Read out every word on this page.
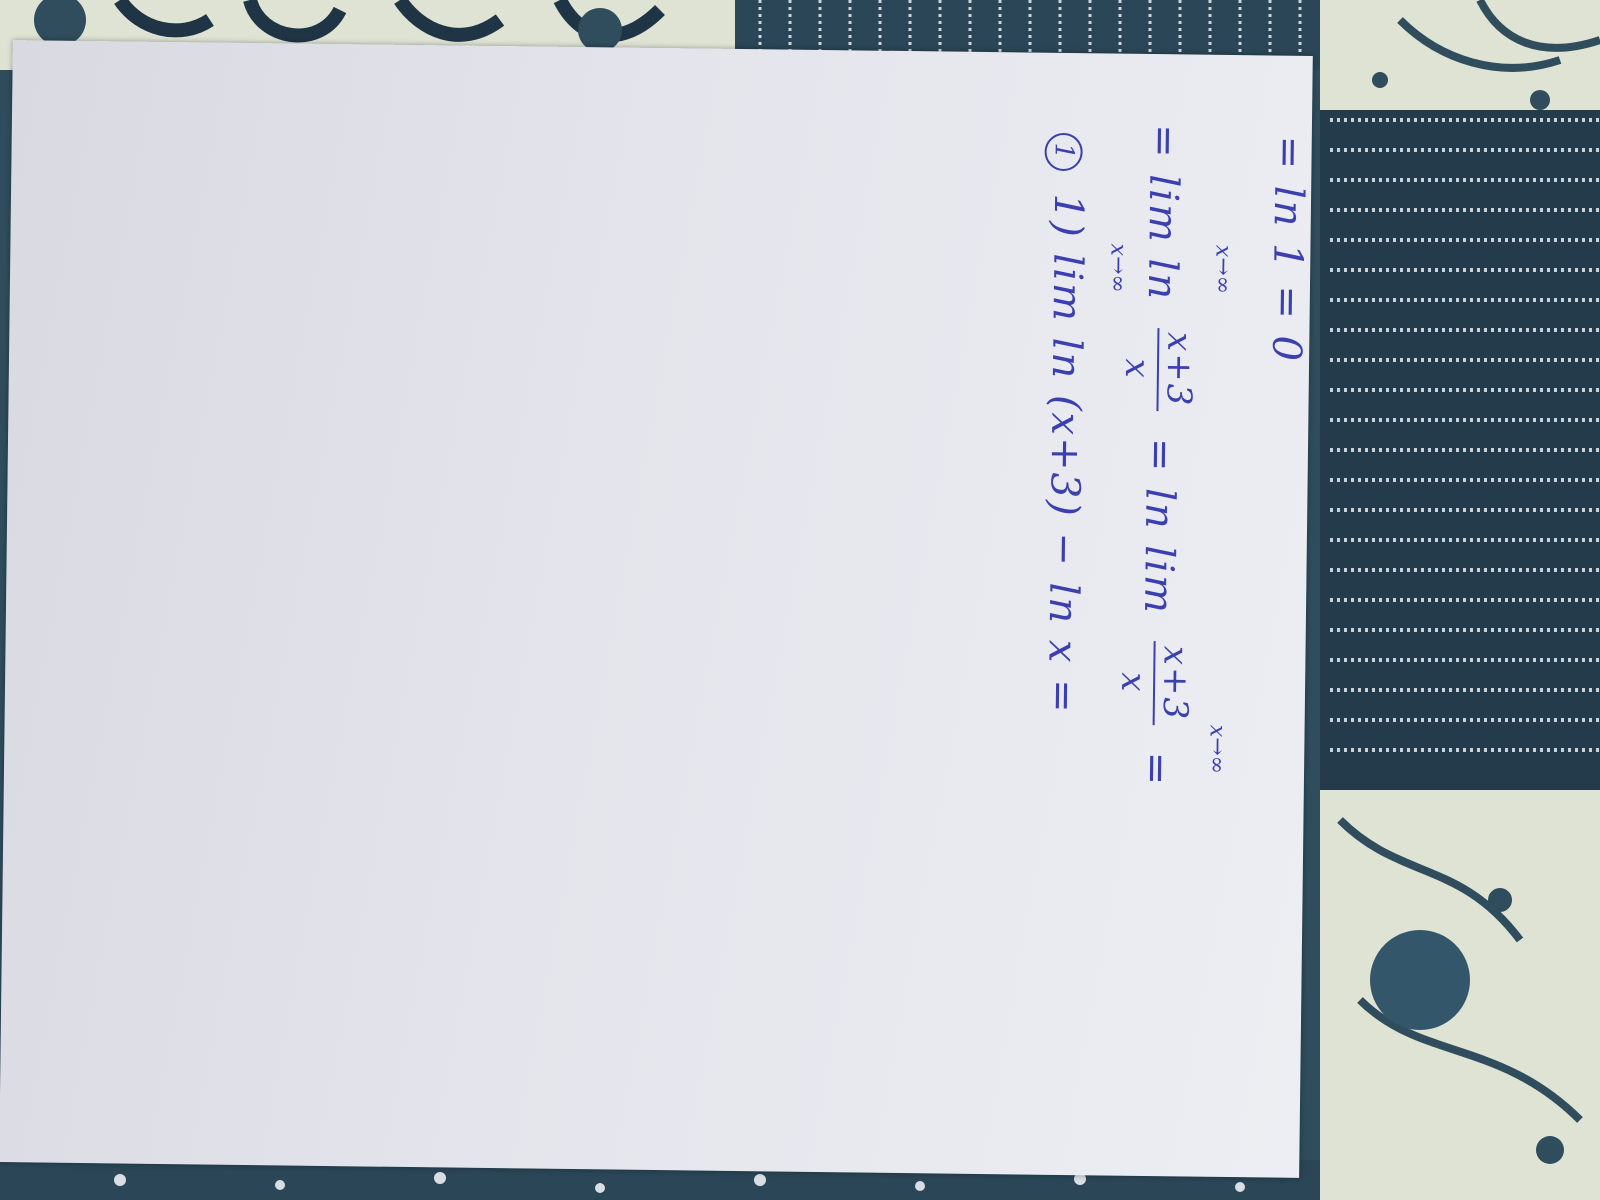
1 1) lim ln (x+3) − ln x = x→∞ = lim ln
x+3
x
= ln lim
x+3
x
=
x→∞
x→∞
= ln 1 = 0
